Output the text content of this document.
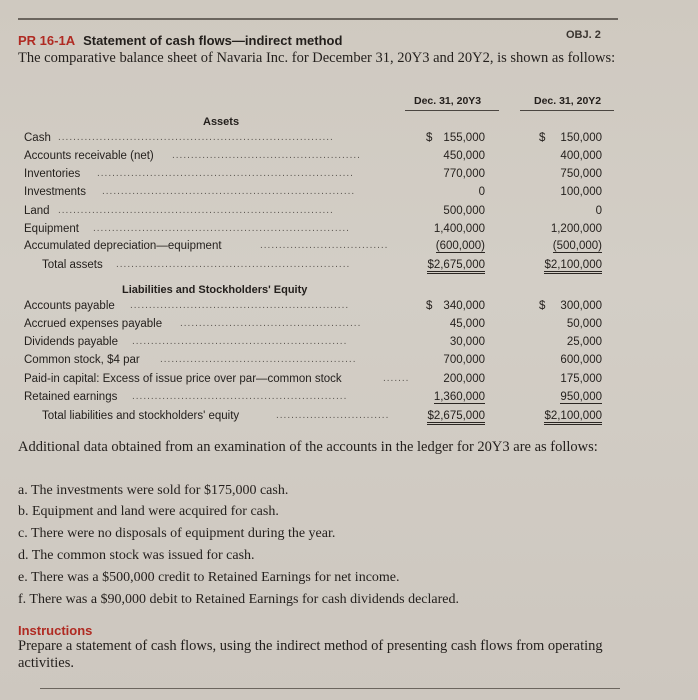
OBJ. 2
PR 16-1A Statement of cash flows—indirect method
The comparative balance sheet of Navaria Inc. for December 31, 20Y3 and 20Y2, is shown as follows:
Dec. 31, 20Y3	Dec. 31, 20Y2
Assets
Cash .........................................................................	$ 155,000	$ 150,000
Accounts receivable (net) ..................................................	450,000	400,000
Inventories ....................................................................	770,000	750,000
Investments ...................................................................	0	100,000
Land .........................................................................	500,000	0
Equipment ....................................................................	1,400,000	1,200,000
Accumulated depreciation—equipment	..................................	(600,000)	(500,000)
Total assets ..............................................................	$2,675,000	$2,100,000
Liabilities and Stockholders' Equity
Accounts payable ..........................................................	$ 340,000	$ 300,000
Accrued expenses payable ................................................	45,000	50,000
Dividends payable .........................................................	30,000	25,000
Common stock, $4 par ....................................................	700,000	600,000
Paid-in capital: Excess of issue price over par—common stock	.......	200,000	175,000
Retained earnings .........................................................	1,360,000	950,000
Total liabilities and stockholders' equity	..............................	$2,675,000	$2,100,000
Additional data obtained from an examination of the accounts in the ledger for 20Y3 are as follows:
a. The investments were sold for $175,000 cash.
b. Equipment and land were acquired for cash.
c. There were no disposals of equipment during the year.
d. The common stock was issued for cash.
e. There was a $500,000 credit to Retained Earnings for net income.
f. There was a $90,000 debit to Retained Earnings for cash dividends declared.
Instructions
Prepare a statement of cash flows, using the indirect method of presenting cash flows from operating activities.
